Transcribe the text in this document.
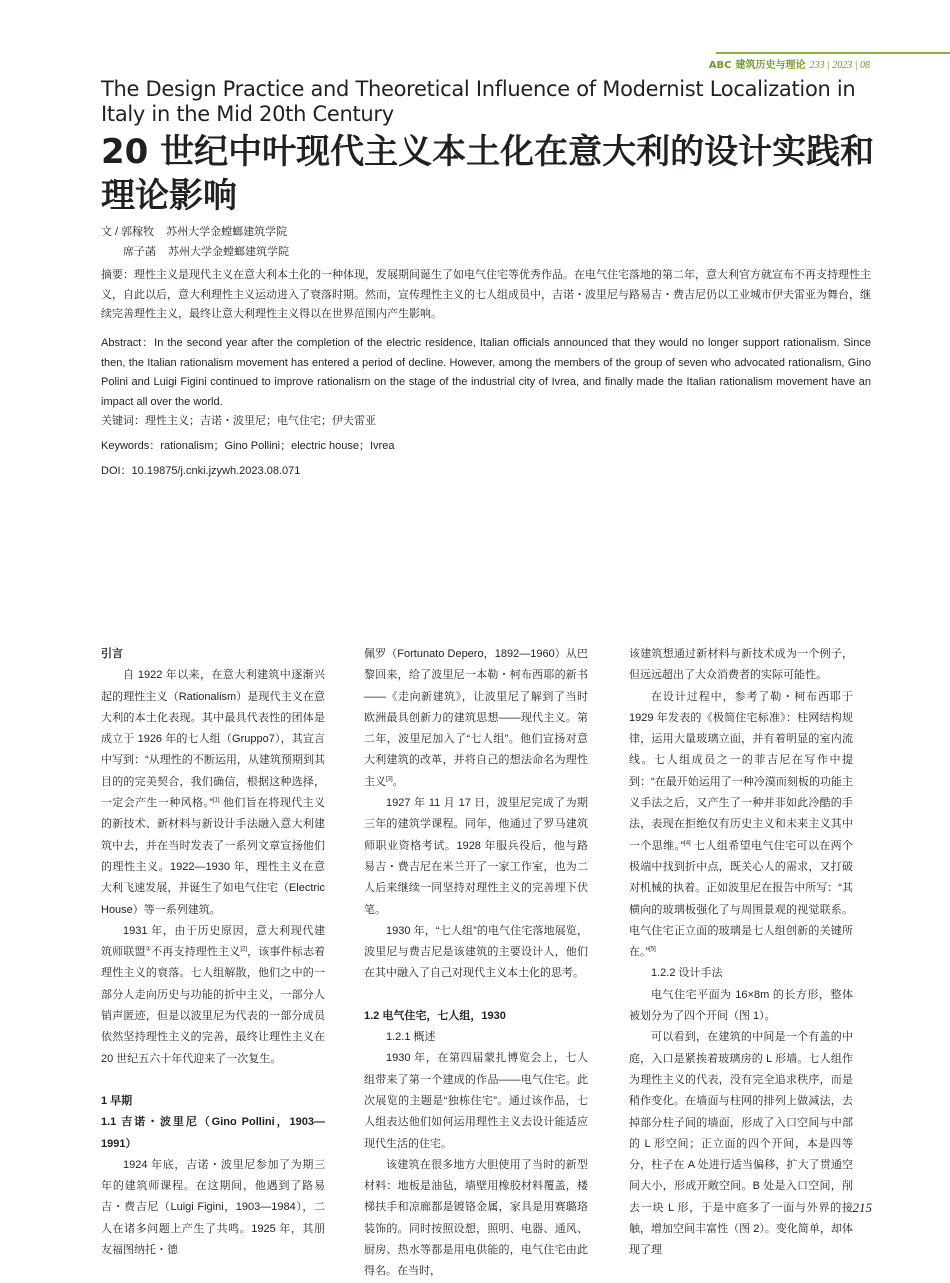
ABC 建筑历史与理论 233 | 2023 | 08
The Design Practice and Theoretical Influence of Modernist Localization in Italy in the Mid 20th Century
20 世纪中叶现代主义本土化在意大利的设计实践和理论影响
文 / 郭稼牧 苏州大学金螳螂建筑学院
席子菡 苏州大学金螳螂建筑学院
摘要：理性主义是现代主义在意大利本土化的一种体现，发展期间诞生了如电气住宅等优秀作品。在电气住宅落地的第二年，意大利官方就宣布不再支持理性主义，自此以后，意大利理性主义运动进入了衰落时期。然而，宣传理性主义的七人组成员中，吉诺・波里尼与路易吉・费吉尼仍以工业城市伊夫雷亚为舞台，继续完善理性主义，最终让意大利理性主义得以在世界范围内产生影响。
Abstract：In the second year after the completion of the electric residence, Italian officials announced that they would no longer support rationalism. Since then, the Italian rationalism movement has entered a period of decline. However, among the members of the group of seven who advocated rationalism, Gino Polini and Luigi Figini continued to improve rationalism on the stage of the industrial city of Ivrea, and finally made the Italian rationalism movement have an impact all over the world.
关键词：理性主义；吉诺・波里尼；电气住宅；伊夫雷亚
Keywords：rationalism；Gino Pollini；electric house；Ivrea
DOI：10.19875/j.cnki.jzywh.2023.08.071
引言

自 1922 年以来，在意大利建筑中逐渐兴起的理性主义（Rationalism）是现代主义在意大利的本土化表现。其中最具代表性的团体是成立于 1926 年的七人组（Gruppo7），其宣言中写到：“从理性的不断运用，从建筑预期到其目的的完美契合，我们确信，根据这种选择，一定会产生一种风格。”[1] 他们旨在将现代主义的新技术、新材料与新设计手法融入意大利建筑中去，并在当时发表了一系列文章宣扬他们的理性主义。1922—1930 年，理性主义在意大利飞速发展，并诞生了如电气住宅（Electric House）等一系列建筑。

1931 年，由于历史原因，意大利现代建筑师联盟①不再支持理性主义[2]，该事件标志着理性主义的衰落。七人组解散，他们之中的一部分人走向历史与功能的折中主义，一部分人销声匿迹，但是以波里尼为代表的一部分成员依然坚持理性主义的完善，最终让理性主义在 20 世纪五六十年代迎来了一次复生。

1 早期
1.1 吉诺・波里尼（Gino Pollini，1903—1991）

1924 年底，吉诺・波里尼参加了为期三年的建筑师课程。在这期间，他遇到了路易吉・费吉尼（Luigi Figini，1903—1984），二人在诸多问题上产生了共鸣。1925 年，其朋友福图纳托・德

佩罗（Fortunato Depero，1892—1960）从巴黎回来，给了波里尼一本勒・柯布西耶的新书——《走向新建筑》，让波里尼了解到了当时欧洲最具创新力的建筑思想——现代主义。第二年，波里尼加入了“七人组”。他们宣扬对意大利建筑的改革，并将自己的想法命名为理性主义[3]。

1927 年 11 月 17 日，波里尼完成了为期三年的建筑学课程。同年，他通过了罗马建筑师职业资格考试。1928 年服兵役后，他与路易吉・费吉尼在米兰开了一家工作室，也为二人后来继续一同坚持对理性主义的完善埋下伏笔。

1930 年，“七人组”的电气住宅落地展览，波里尼与费吉尼是该建筑的主要设计人，他们在其中融入了自己对现代主义本土化的思考。

1.2 电气住宅，七人组，1930

1.2.1 概述

1930 年，在第四届蒙扎博览会上，七人组带来了第一个建成的作品——电气住宅。此次展览的主题是“独栋住宅”。通过该作品，七人组表达他们如何运用理性主义去设计能适应现代生活的住宅。

该建筑在很多地方大胆使用了当时的新型材料：地板是油毡，墙壁用橡胶材料覆盖，楼梯扶手和凉廊都是镀铬金属，家具是用赛璐珞装饰的。同时按照设想，照明、电器、通风、厨房、热水等都是用电供能的，电气住宅由此得名。在当时，

该建筑想通过新材料与新技术成为一个例子，但远远超出了大众消费者的实际可能性。

在设计过程中，参考了勒・柯布西耶于 1929 年发表的《极简住宅标准》：柱网结构规律，运用大量玻璃立面，并有着明显的室内流线。七人组成员之一的菲吉尼在写作中提到：“在最开始运用了一种冷漠而刻板的功能主义手法之后，又产生了一种并非如此冷酷的手法，表现在拒绝仅有历史主义和未来主义其中一个思维。”[4] 七人组希望电气住宅可以在两个极端中找到折中点，既关心人的需求，又打破对机械的执着。正如波里尼在报告中所写：“其横向的玻璃板强化了与周围景观的视觉联系。电气住宅正立面的玻璃是七人组创新的关键所在。”[5]

1.2.2 设计手法

电气住宅平面为 16×8m 的长方形，整体被划分为了四个开间（图 1）。

可以看到，在建筑的中间是一个有盖的中庭，入口是紧挨着玻璃房的 L 形墙。七人组作为理性主义的代表，没有完全追求秩序，而是稍作变化。在墙面与柱网的排列上做减法，去掉部分柱子间的墙面，形成了入口空间与中部的 L 形空间；正立面的四个开间，本是四等分，柱子在 A 处进行适当偏移，扩大了贯通空间大小，形成开敞空间。B 处是入口空间，削去一块 L 形，于是中庭多了一面与外界的接触，增加空间丰富性（图 2）。变化简单，却体现了理

215
